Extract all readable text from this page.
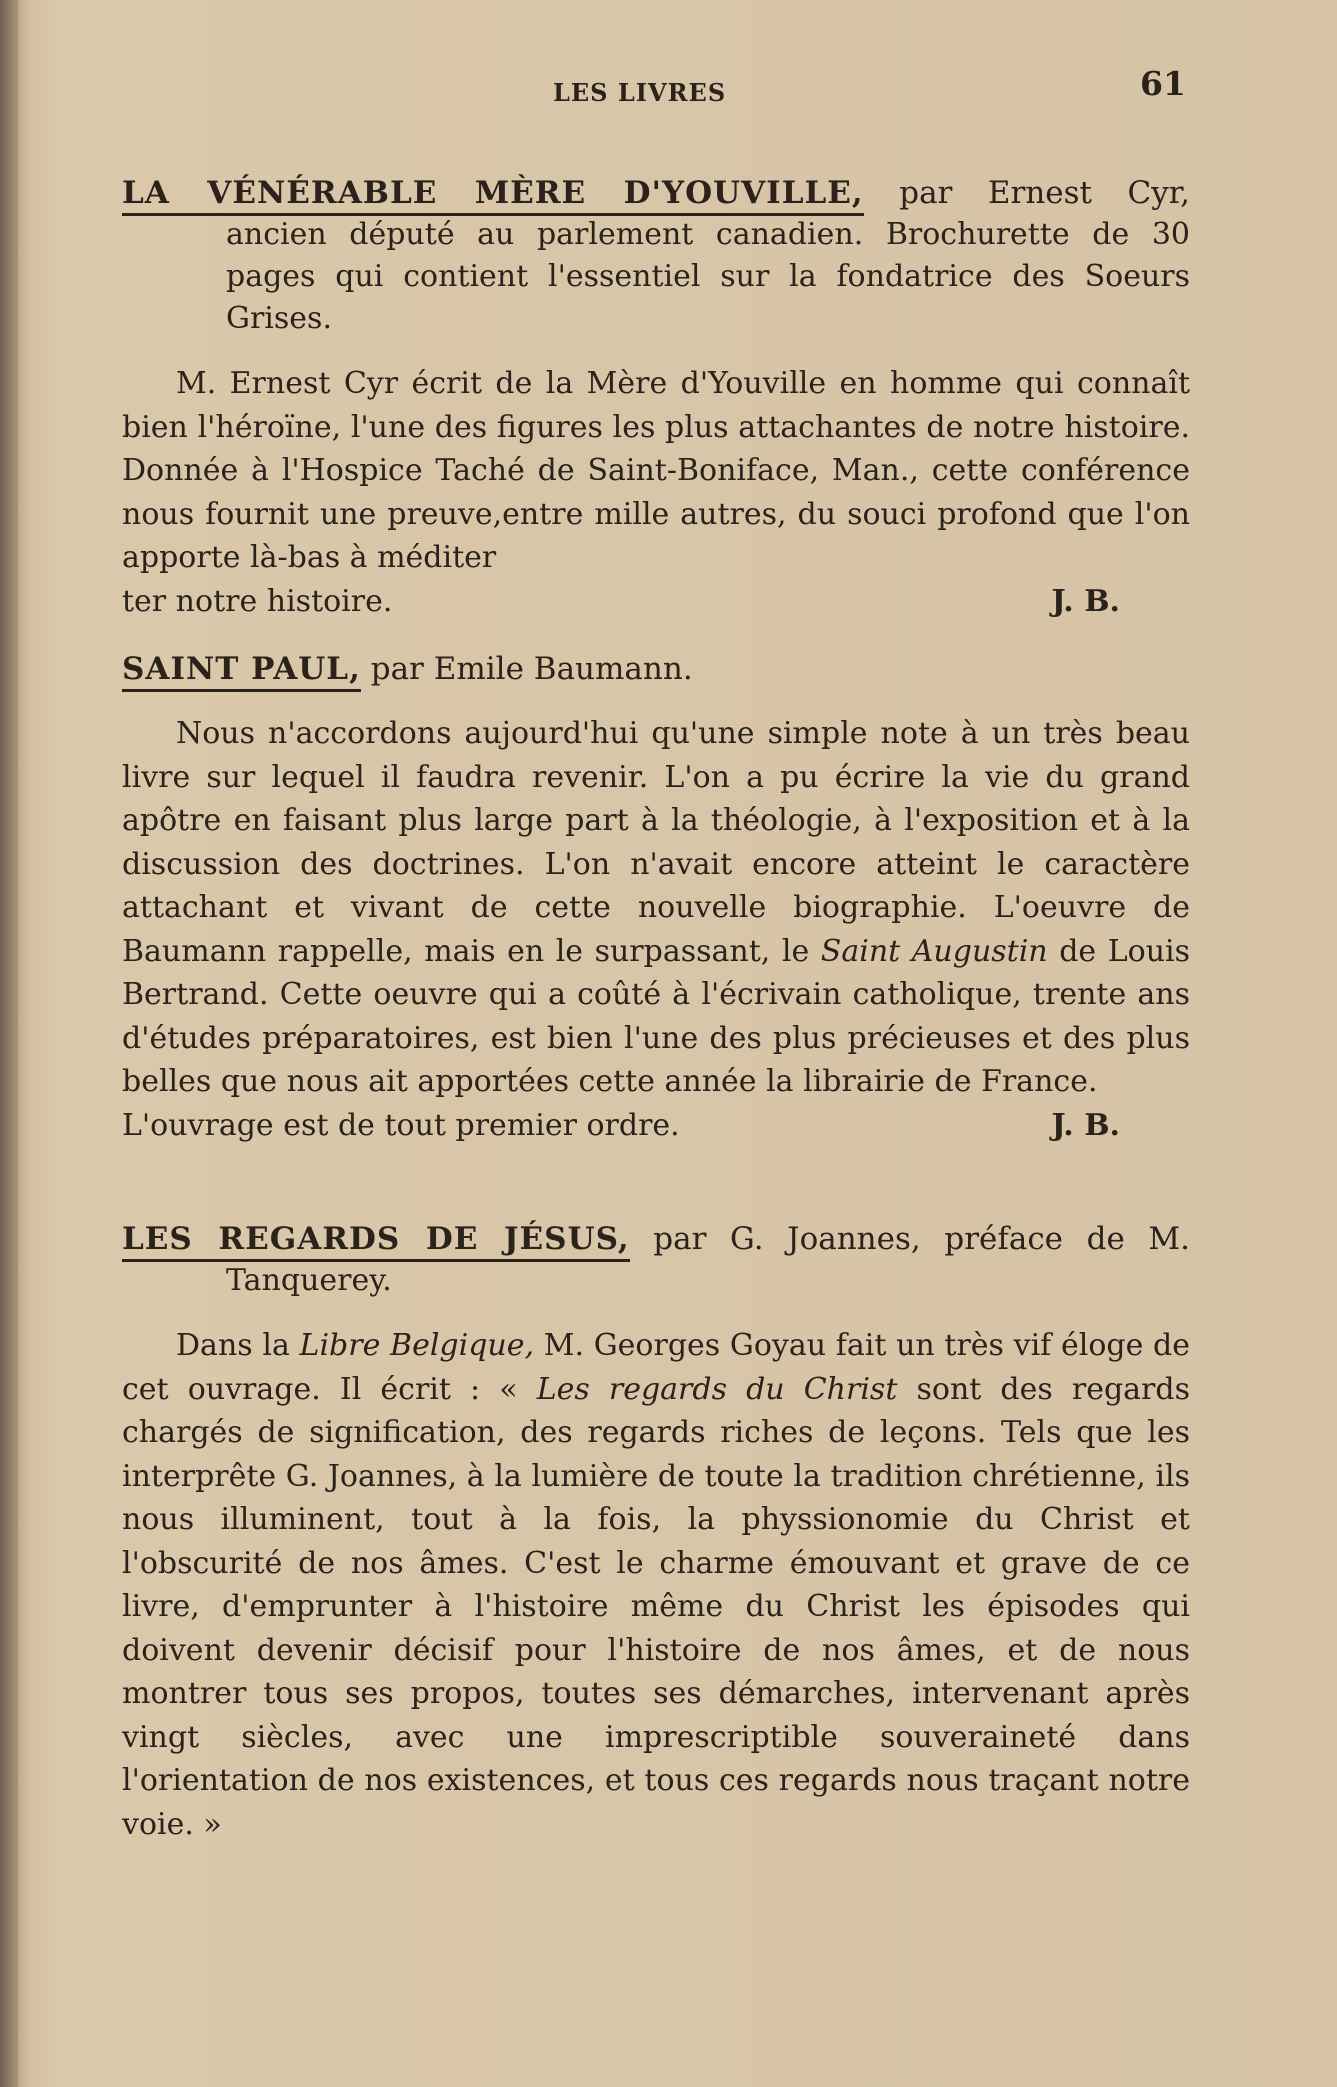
LES LIVRES	61

LA VÉNÉRABLE MÈRE D'YOUVILLE, par Ernest Cyr,

ancien député au parlement canadien. Brochurette de 30 pages qui contient l'essentiel sur la fondatrice des Soeurs Grises.

M. Ernest Cyr écrit de la Mère d'Youville en homme qui connaît bien l'héroïne, l'une des figures les plus attachantes de notre histoire. Donnée à l'Hospice Taché de Saint-Boniface, Man., cette conférence nous fournit une preuve,entre mille autres, du souci profond que l'on apporte là-bas à méditer

ter notre histoire.	J. B.

SAINT PAUL, par Emile Baumann.

Nous n'accordons aujourd'hui qu'une simple note à un très beau livre sur lequel il faudra revenir. L'on a pu écrire la vie du grand apôtre en faisant plus large part à la théologie, à l'exposition et à la discussion des doctrines. L'on n'avait encore atteint le caractère attachant et vivant de cette nouvelle biographie. L'oeuvre de Baumann rappelle, mais en le surpassant, le Saint Augustin de Louis Bertrand. Cette oeuvre qui a coûté à l'écrivain catholique, trente ans d'études préparatoires, est bien l'une des plus précieuses et des plus belles que nous ait apportées cette année la librairie de France.

L'ouvrage est de tout premier ordre.	J. B.

LES REGARDS DE JÉSUS, par G. Joannes, préface de M.

Tanquerey.

Dans la Libre Belgique, M. Georges Goyau fait un très vif éloge de cet ouvrage. Il écrit : « Les regards du Christ sont des regards chargés de signification, des regards riches de leçons. Tels que les interprête G. Joannes, à la lumière de toute la tradition chrétienne, ils nous illuminent, tout à la fois, la physsionomie du Christ et l'obscurité de nos âmes. C'est le charme émouvant et grave de ce livre, d'emprunter à l'histoire même du Christ les épisodes qui doivent devenir décisif pour l'histoire de nos âmes, et de nous montrer tous ses propos, toutes ses démarches, intervenant après vingt siècles, avec une imprescriptible souveraineté dans l'orientation de nos existences, et tous ces regards nous traçant notre voie. »
